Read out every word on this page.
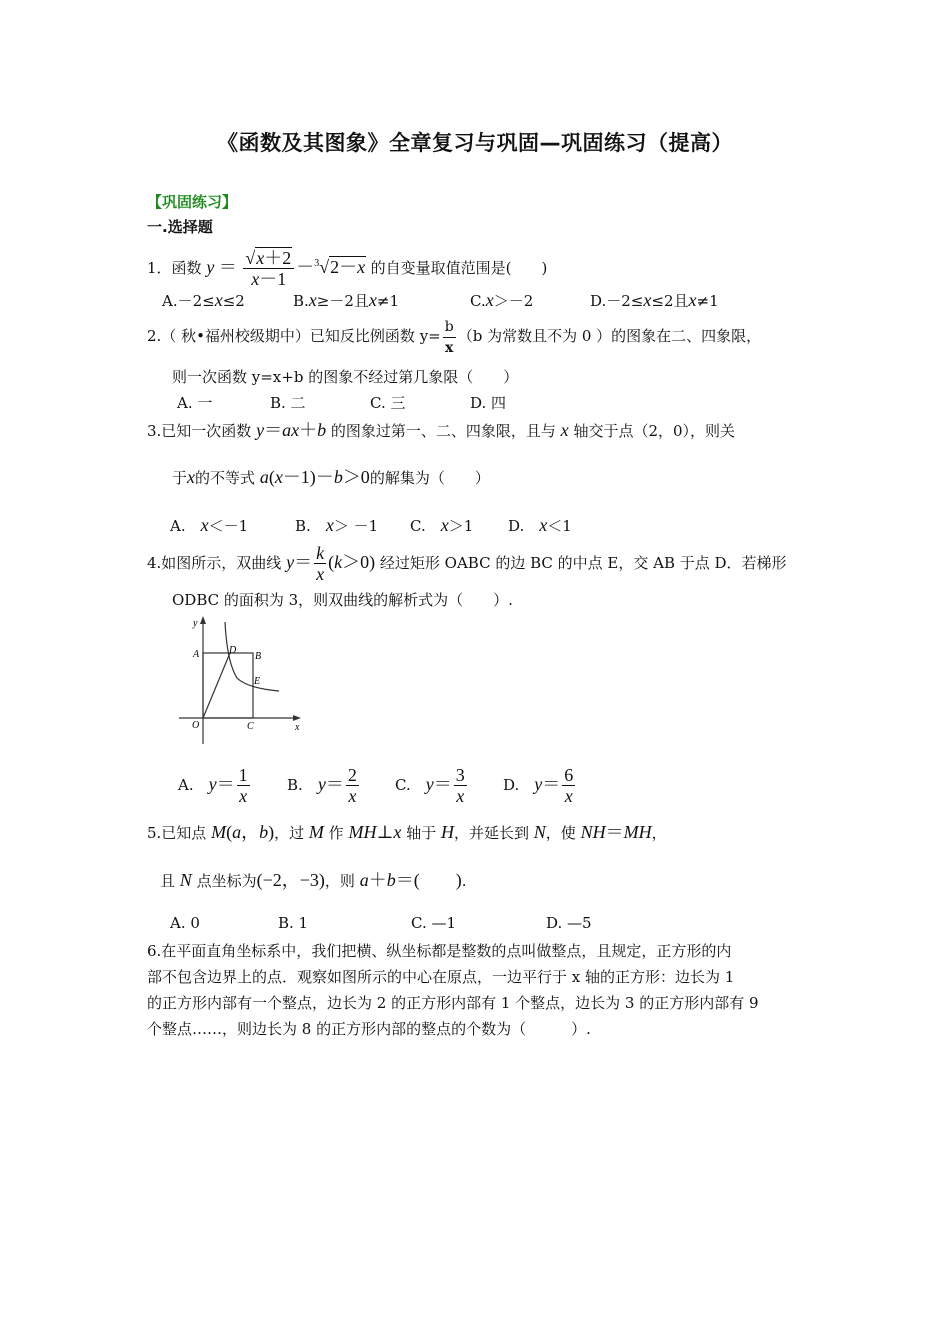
《函数及其图象》全章复习与巩固—巩固练习（提高）
【巩固练习】
一.选择题
1．函数 $y = \frac{√x+2}{x-1} -^3√2-x$ 的自变量取值范围是(　　)
A.－2≤x≤2	B.x≥－2且x≠1	C.x＞－2	D.－2≤x≤2且x≠1
2.（ 秋•福州校级期中）已知反比例函数 $y= \frac{b}{x} (b$ 为常数且不为 0 ）的图象在二、四象限，
则一次函数 y=x+b 的图象不经过第几象限（　　）
A. 一	B. 二	C. 三	D. 四
3.已知一次函数 y＝ax＋b 的图象过第一、二、四象限，且与 x 轴交于点（2，0），则关
于x的不等式 a(x－1)－b＞0的解集为（　　）
A.　 x＜－1	B.　 x＞ －1 C.　 x＞1 D.　 x＜1
4.如图所示，双曲线 $y= \frac{k}{x} (k>0)$ 经过矩形 OABC 的边 BC 的中点 E，交 AB 于点 D．若梯形
ODBC 的面积为 3，则双曲线的解析式为（　　）.
y
x
A	D
B
E
O	C
A.　 $y= \frac{1}{x} B$.　 $y= \frac{2}{x} C$.　 $y= \frac{3}{x} D$.　 $y= \frac{6}{x}$
5.已知点 M(a，b)，过 M 作 MH⊥x 轴于 H，并延长到 N，使 NH＝MH，
且 N 点坐标为(−2，−3)，则 a＋b＝(　　).
A. 0	B. 1	C. —1	D. —5
6.在平面直角坐标系中，我们把横、纵坐标都是整数的点叫做整点，且规定，正方形的内
部不包含边界上的点．观察如图所示的中心在原点，一边平行于 x 轴的正方形：边长为 1
的正方形内部有一个整点，边长为 2 的正方形内部有 1 个整点，边长为 3 的正方形内部有 9
个整点……，则边长为 8 的正方形内部的整点的个数为（　　　）.
